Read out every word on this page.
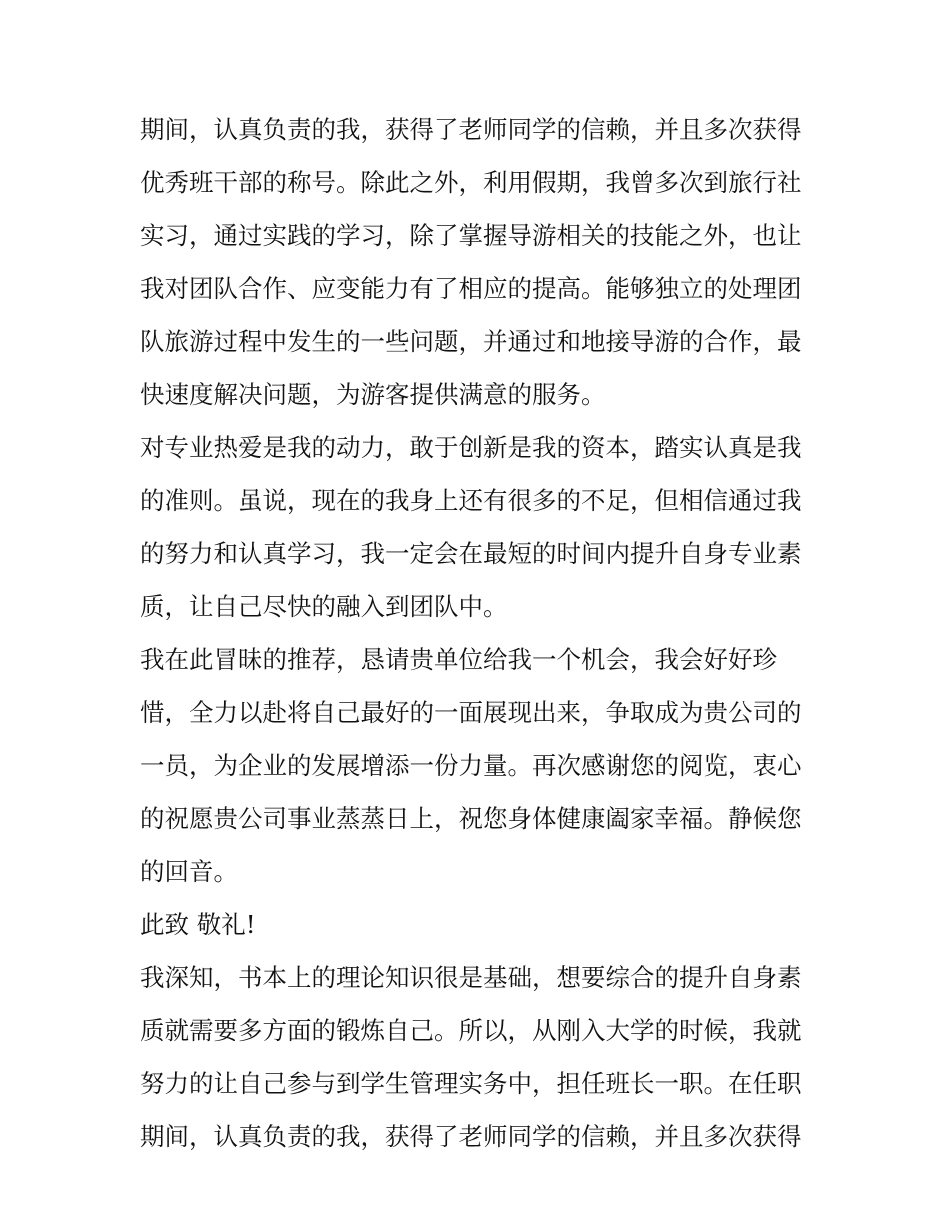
期间，认真负责的我，获得了老师同学的信赖，并且多次获得
优秀班干部的称号。除此之外，利用假期，我曾多次到旅行社
实习，通过实践的学习，除了掌握导游相关的技能之外，也让
我对团队合作、应变能力有了相应的提高。能够独立的处理团
队旅游过程中发生的一些问题，并通过和地接导游的合作，最
快速度解决问题，为游客提供满意的服务。
对专业热爱是我的动力，敢于创新是我的资本，踏实认真是我
的准则。虽说，现在的我身上还有很多的不足，但相信通过我
的努力和认真学习，我一定会在最短的时间内提升自身专业素
质，让自己尽快的融入到团队中。
我在此冒昧的推荐，恳请贵单位给我一个机会，我会好好珍
惜，全力以赴将自己最好的一面展现出来，争取成为贵公司的
一员，为企业的发展增添一份力量。再次感谢您的阅览，衷心
的祝愿贵公司事业蒸蒸日上，祝您身体健康阖家幸福。静候您
的回音。
此致 敬礼!
我深知，书本上的理论知识很是基础，想要综合的提升自身素
质就需要多方面的锻炼自己。所以，从刚入大学的时候，我就
努力的让自己参与到学生管理实务中，担任班长一职。在任职
期间，认真负责的我，获得了老师同学的信赖，并且多次获得
